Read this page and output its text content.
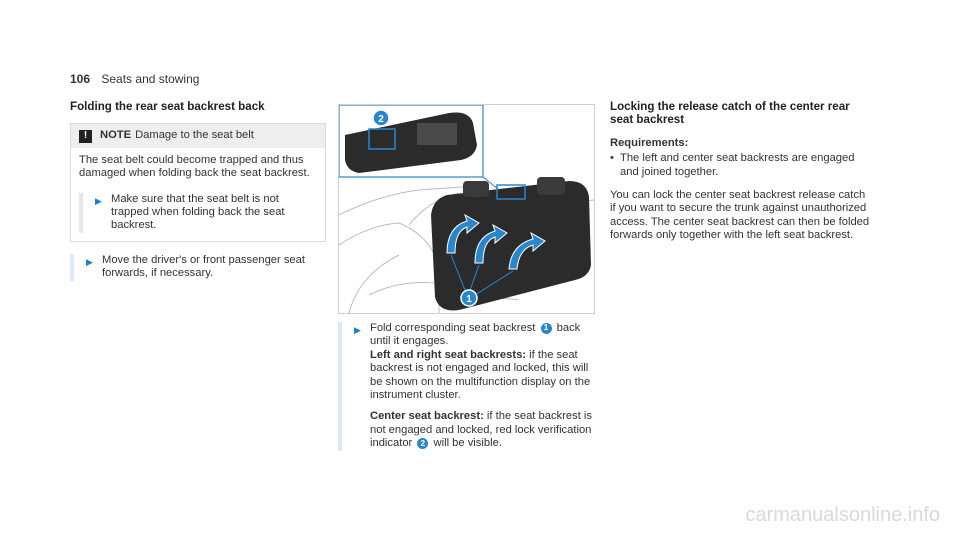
106 Seats and stowing
Folding the rear seat backrest back
!	NOTE Damage to the seat belt
The seat belt could become trapped and thus damaged when folding back the seat backrest.
▶ Make sure that the seat belt is not trapped when folding back the seat backrest.
▶ Move the driver's or front passenger seat forwards, if necessary.
1
2
▶ Fold corresponding seat backrest 1 back until it engages.
Left and right seat backrests: if the seat backrest is not engaged and locked, this will be shown on the multifunction display on the instrument cluster.
Center seat backrest: if the seat backrest is not engaged and locked, red lock verification indicator 2 will be visible.
Locking the release catch of the center rear seat backrest
Requirements:
• The left and center seat backrests are engaged and joined together.
You can lock the center seat backrest release catch if you want to secure the trunk against unauthorized access. The center seat backrest can then be folded forwards only together with the left seat backrest.
carmanualsonline.info
